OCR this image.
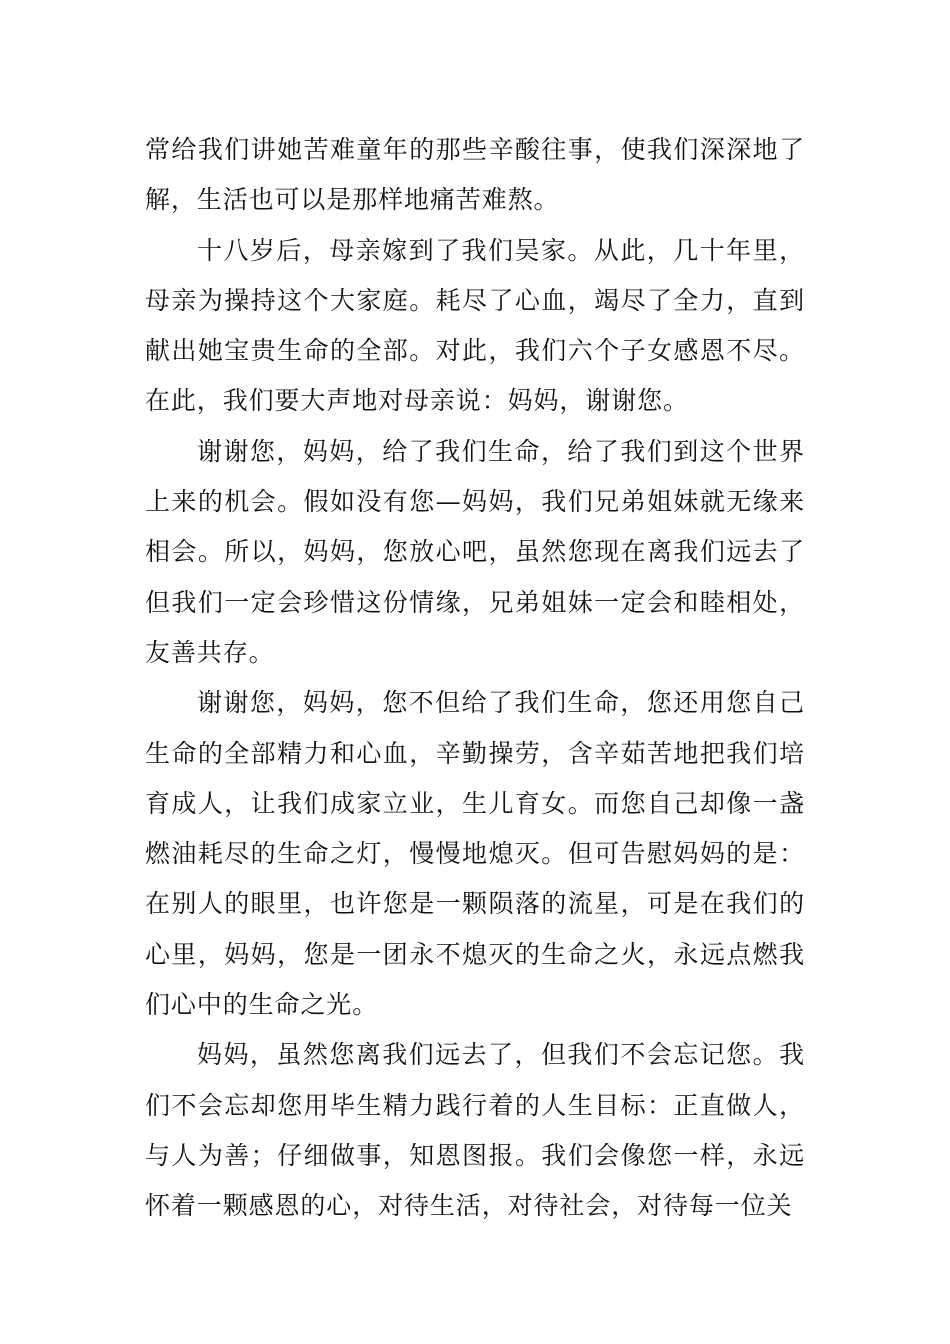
常给我们讲她苦难童年的那些辛酸往事，使我们深深地了解，生活也可以是那样地痛苦难熬。

十八岁后，母亲嫁到了我们吴家。从此，几十年里，母亲为操持这个大家庭。耗尽了心血，竭尽了全力，直到献出她宝贵生命的全部。对此，我们六个子女感恩不尽。在此，我们要大声地对母亲说：妈妈，谢谢您。

谢谢您，妈妈，给了我们生命，给了我们到这个世界上来的机会。假如没有您—妈妈，我们兄弟姐妹就无缘来相会。所以，妈妈，您放心吧，虽然您现在离我们远去了但我们一定会珍惜这份情缘，兄弟姐妹一定会和睦相处，友善共存。

谢谢您，妈妈，您不但给了我们生命，您还用您自己生命的全部精力和心血，辛勤操劳，含辛茹苦地把我们培育成人，让我们成家立业，生儿育女。而您自己却像一盏燃油耗尽的生命之灯，慢慢地熄灭。但可告慰妈妈的是：在别人的眼里，也许您是一颗陨落的流星，可是在我们的心里，妈妈，您是一团永不熄灭的生命之火，永远点燃我们心中的生命之光。

妈妈，虽然您离我们远去了，但我们不会忘记您。我们不会忘却您用毕生精力践行着的人生目标：正直做人，与人为善；仔细做事，知恩图报。我们会像您一样，永远怀着一颗感恩的心，对待生活，对待社会，对待每一位关
